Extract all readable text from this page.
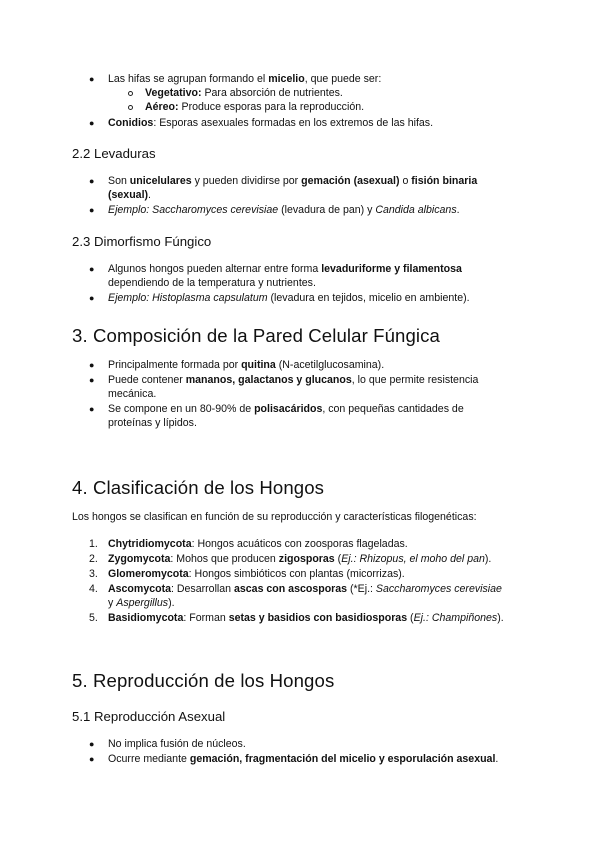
● Las hifas se agrupan formando el micelio, que puede ser:
Vegetativo: Para absorción de nutrientes.
Aéreo: Produce esporas para la reproducción.
● Conidios: Esporas asexuales formadas en los extremos de las hifas.
2.2 Levaduras
● Son unicelulares y pueden dividirse por gemación (asexual) o fisión binaria
(sexual).
● Ejemplo: Saccharomyces cerevisiae (levadura de pan) y Candida albicans.
2.3 Dimorfismo Fúngico
● Algunos hongos pueden alternar entre forma levaduriforme y filamentosa
dependiendo de la temperatura y nutrientes.
● Ejemplo: Histoplasma capsulatum (levadura en tejidos, micelio en ambiente).
3. Composición de la Pared Celular Fúngica
● Principalmente formada por quitina (N-acetilglucosamina).
● Puede contener mananos, galactanos y glucanos, lo que permite resistencia
mecánica.
● Se compone en un 80-90% de polisacáridos, con pequeñas cantidades de
proteínas y lípidos.
4. Clasificación de los Hongos
Los hongos se clasifican en función de su reproducción y características filogenéticas:
1. Chytridiomycota: Hongos acuáticos con zoosporas flageladas.
2. Zygomycota: Mohos que producen zigosporas (Ej.: Rhizopus, el moho del pan).
3. Glomeromycota: Hongos simbióticos con plantas (micorrizas).
4. Ascomycota: Desarrollan ascas con ascosporas (*Ej.: Saccharomyces cerevisiae
y Aspergillus).
5. Basidiomycota: Forman setas y basidios con basidiosporas (Ej.: Champiñones).
5. Reproducción de los Hongos
5.1 Reproducción Asexual
● No implica fusión de núcleos.
● Ocurre mediante gemación, fragmentación del micelio y esporulación asexual.
